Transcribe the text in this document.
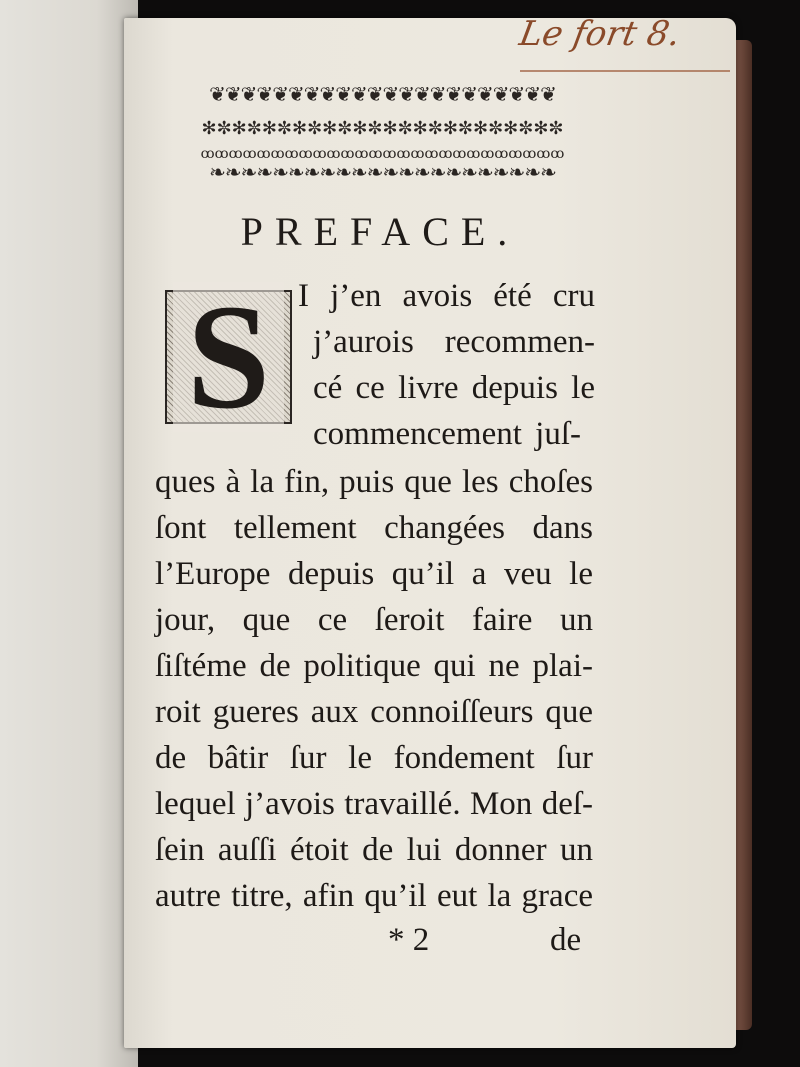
Le fort 8.
❦❦❦❦❦❦❦❦❦❦❦❦❦❦❦❦❦❦❦❦❦❦
✻✼✻✼✻✼✻✼✻✼✻✼✻✼✻✼✻✼✻✼✻✼✻✼
ꝏꝏꝏꝏꝏꝏꝏꝏꝏꝏꝏꝏꝏꝏꝏꝏꝏꝏꝏꝏꝏꝏꝏꝏꝏꝏ
❧❧❧❧❧❧❧❧❧❧❧❧❧❧❧❧❧❧❧❧❧❧
PREFACE.
S I j’en avois été cru
j’aurois recommen-
cé ce livre depuis le
commencement juſ-
ques à la fin, puis que les choſes
ſont tellement changées dans
l’Europe depuis qu’il a veu le
jour, que ce ſeroit faire un
ſiſtéme de politique qui ne plai-
roit gueres aux connoiſſeurs que
de bâtir ſur le fondement ſur
lequel j’avois travaillé. Mon deſ-
ſein auſſi étoit de lui donner un
autre titre, afin qu’il eut la grace
* 2	de
